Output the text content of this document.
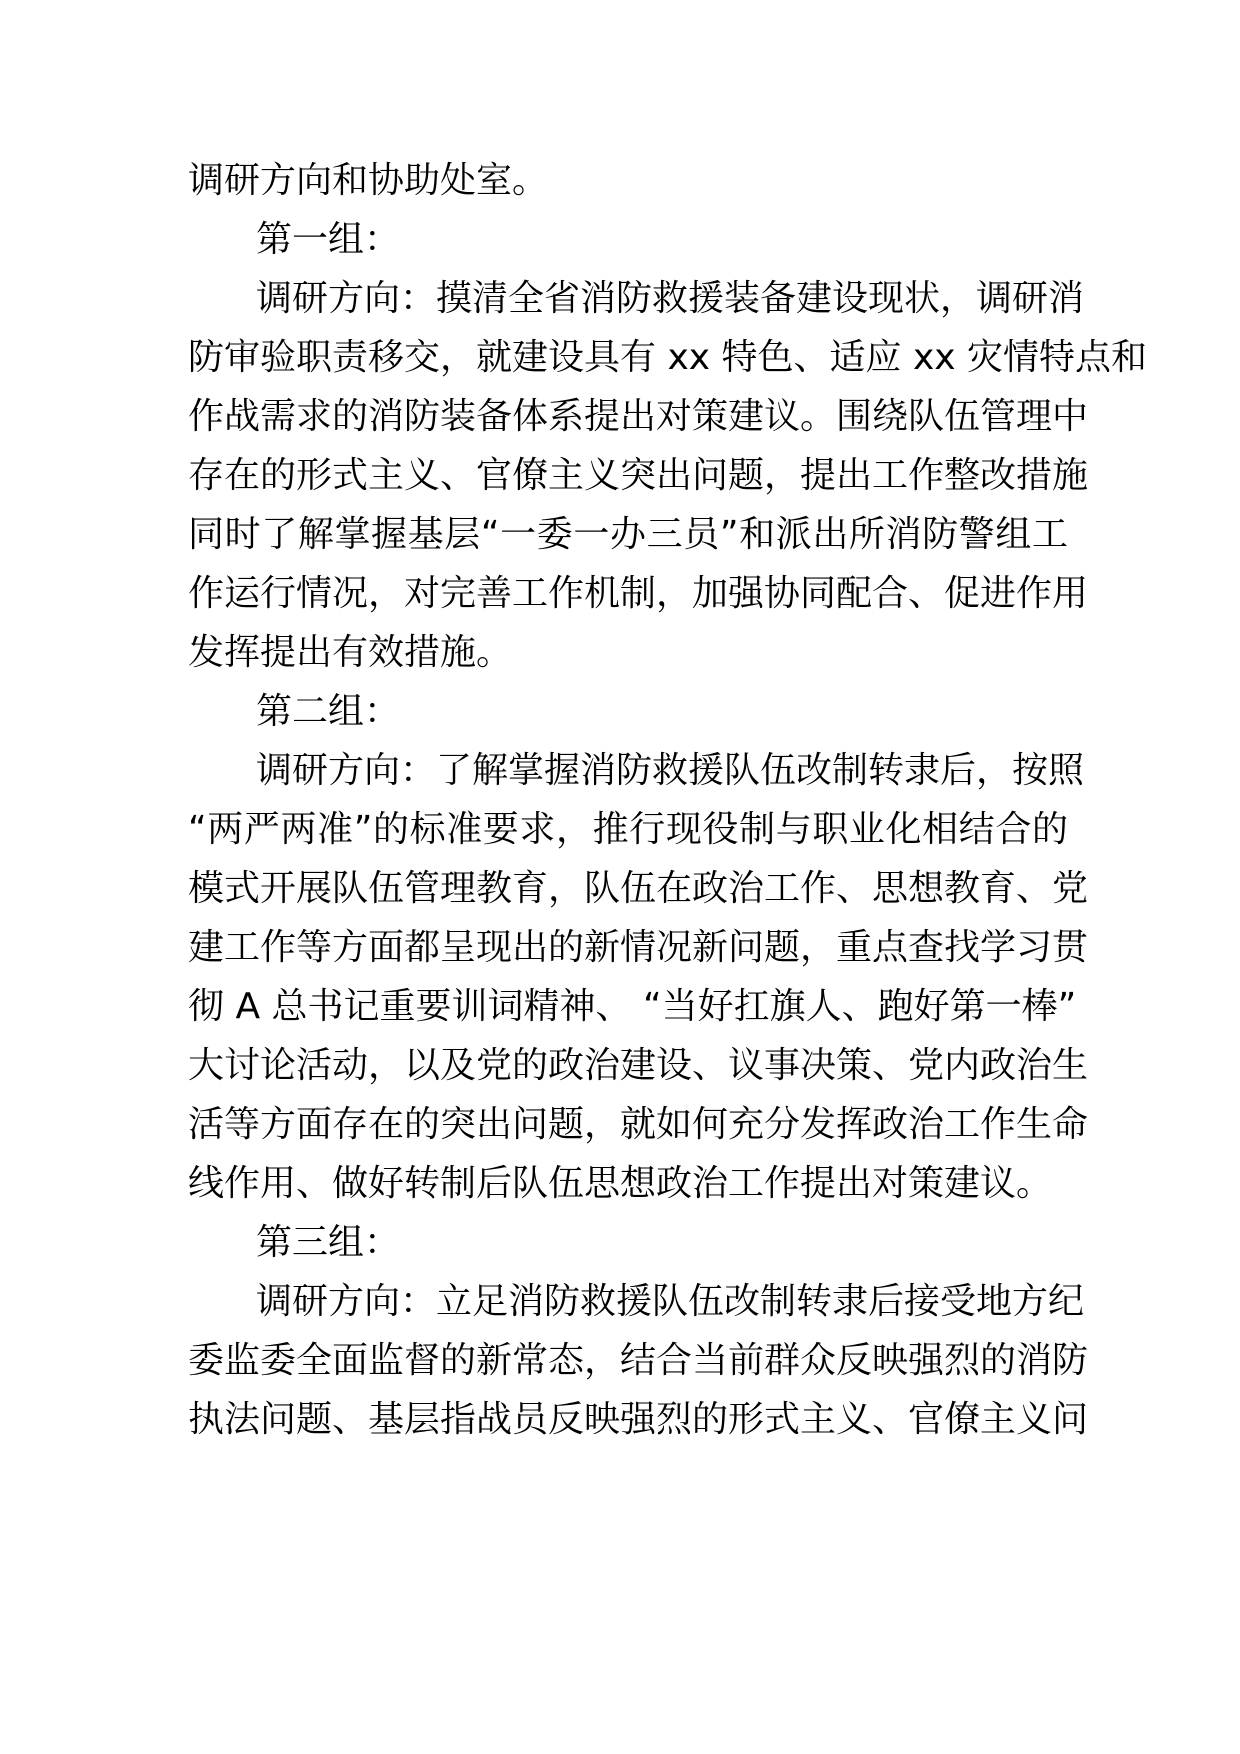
调研方向和协助处室。
第一组：
调研方向：摸清全省消防救援装备建设现状，调研消
防审验职责移交，就建设具有 xx 特色、适应 xx 灾情特点和
作战需求的消防装备体系提出对策建议。围绕队伍管理中
存在的形式主义、官僚主义突出问题，提出工作整改措施
同时了解掌握基层“一委一办三员”和派出所消防警组工
作运行情况，对完善工作机制，加强协同配合、促进作用
发挥提出有效措施。
第二组：
调研方向：了解掌握消防救援队伍改制转隶后，按照
“两严两准”的标准要求，推行现役制与职业化相结合的
模式开展队伍管理教育，队伍在政治工作、思想教育、党
建工作等方面都呈现出的新情况新问题，重点查找学习贯
彻 A 总书记重要训词精神、 “当好扛旗人、跑好第一棒”
大讨论活动，以及党的政治建设、议事决策、党内政治生
活等方面存在的突出问题，就如何充分发挥政治工作生命
线作用、做好转制后队伍思想政治工作提出对策建议。
第三组：
调研方向：立足消防救援队伍改制转隶后接受地方纪
委监委全面监督的新常态，结合当前群众反映强烈的消防
执法问题、基层指战员反映强烈的形式主义、官僚主义问
